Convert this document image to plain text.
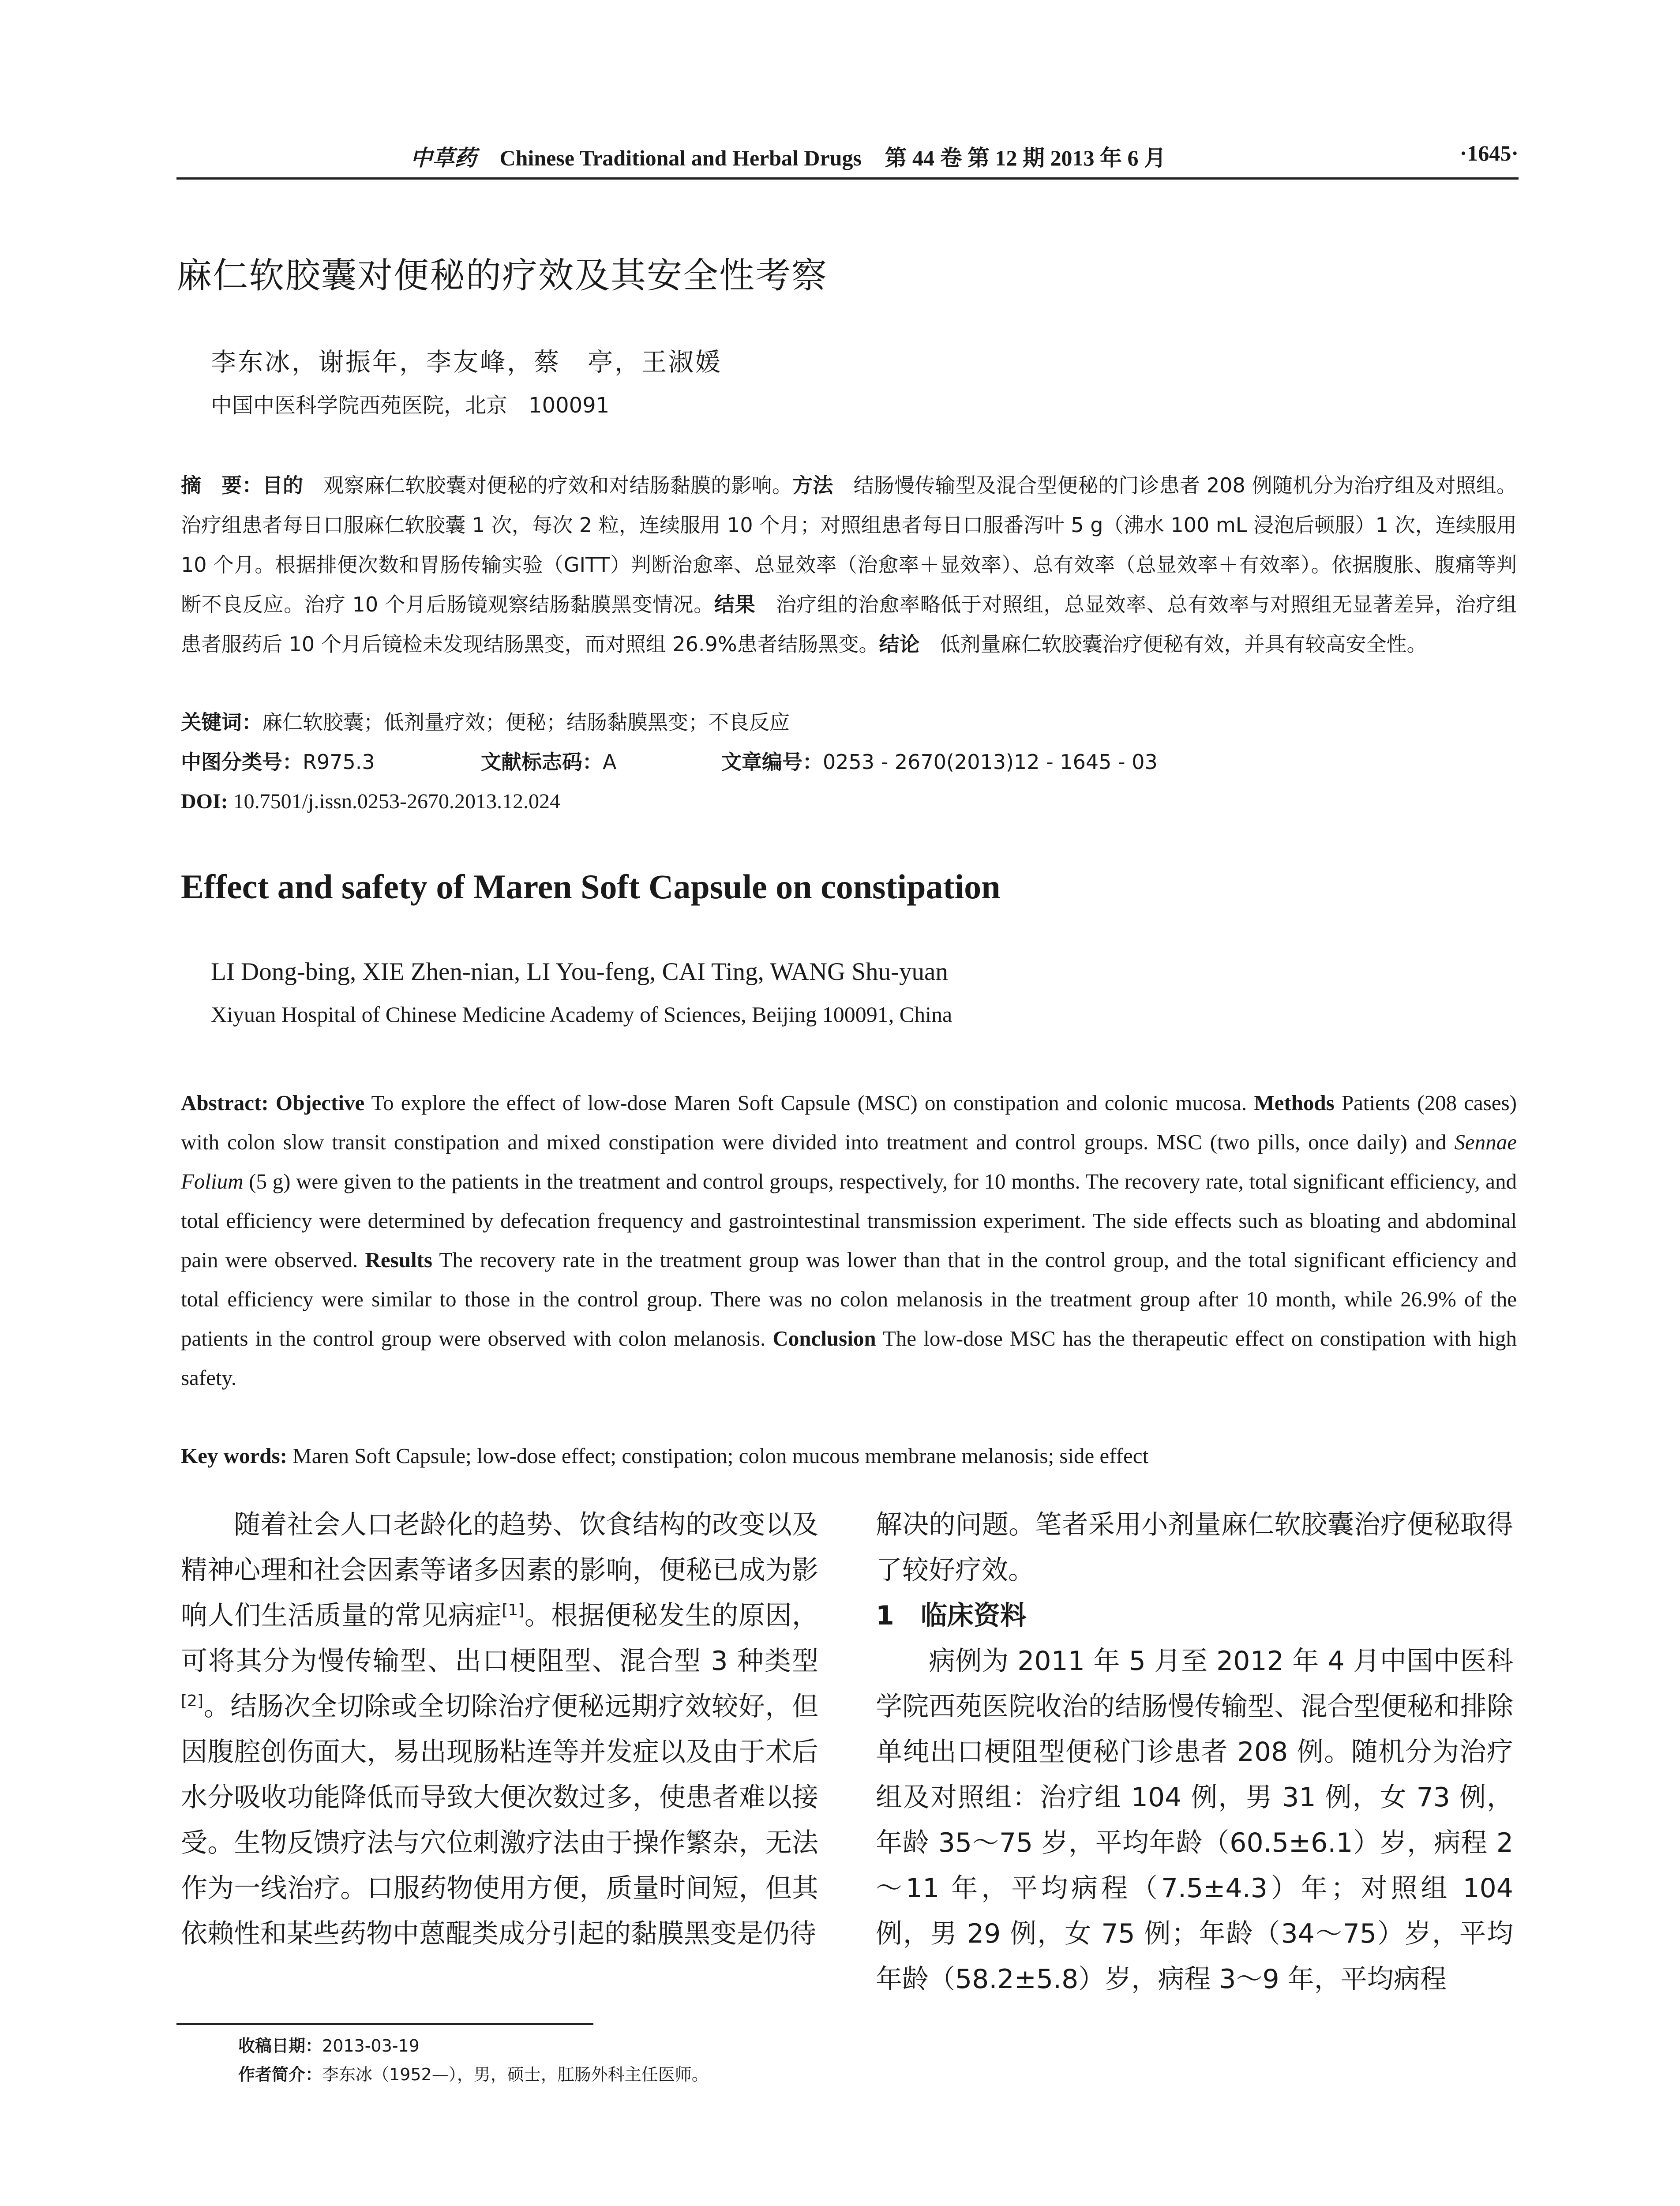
中草药 Chinese Traditional and Herbal Drugs 第 44 卷 第 12 期 2013 年 6 月	·1645·
麻仁软胶囊对便秘的疗效及其安全性考察
李东冰，谢振年，李友峰，蔡　亭，王淑媛
中国中医科学院西苑医院，北京　100091
摘　要：目的　观察麻仁软胶囊对便秘的疗效和对结肠黏膜的影响。方法　结肠慢传输型及混合型便秘的门诊患者 208 例随机分为治疗组及对照组。治疗组患者每日口服麻仁软胶囊 1 次，每次 2 粒，连续服用 10 个月；对照组患者每日口服番泻叶 5 g（沸水 100 mL 浸泡后顿服）1 次，连续服用 10 个月。根据排便次数和胃肠传输实验（GITT）判断治愈率、总显效率（治愈率＋显效率）、总有效率（总显效率＋有效率）。依据腹胀、腹痛等判断不良反应。治疗 10 个月后肠镜观察结肠黏膜黑变情况。结果　治疗组的治愈率略低于对照组，总显效率、总有效率与对照组无显著差异，治疗组患者服药后 10 个月后镜检未发现结肠黑变，而对照组 26.9%患者结肠黑变。结论　低剂量麻仁软胶囊治疗便秘有效，并具有较高安全性。
关键词：麻仁软胶囊；低剂量疗效；便秘；结肠黏膜黑变；不良反应
中图分类号：R975.3	文献标志码：A	文章编号：0253 - 2670(2013)12 - 1645 - 03
DOI: 10.7501/j.issn.0253-2670.2013.12.024
Effect and safety of Maren Soft Capsule on constipation
LI Dong-bing, XIE Zhen-nian, LI You-feng, CAI Ting, WANG Shu-yuan
Xiyuan Hospital of Chinese Medicine Academy of Sciences, Beijing 100091, China
Abstract: Objective To explore the effect of low-dose Maren Soft Capsule (MSC) on constipation and colonic mucosa. Methods Patients (208 cases) with colon slow transit constipation and mixed constipation were divided into treatment and control groups. MSC (two pills, once daily) and Sennae Folium (5 g) were given to the patients in the treatment and control groups, respectively, for 10 months. The recovery rate, total significant efficiency, and total efficiency were determined by defecation frequency and gastrointestinal transmission experiment. The side effects such as bloating and abdominal pain were observed. Results The recovery rate in the treatment group was lower than that in the control group, and the total significant efficiency and total efficiency were similar to those in the control group. There was no colon melanosis in the treatment group after 10 month, while 26.9% of the patients in the control group were observed with colon melanosis. Conclusion The low-dose MSC has the therapeutic effect on constipation with high safety.
Key words: Maren Soft Capsule; low-dose effect; constipation; colon mucous membrane melanosis; side effect

随着社会人口老龄化的趋势、饮食结构的改变以及精神心理和社会因素等诸多因素的影响，便秘已成为影响人们生活质量的常见病症[1]。根据便秘发生的原因，可将其分为慢传输型、出口梗阻型、混合型 3 种类型[2]。结肠次全切除或全切除治疗便秘远期疗效较好，但因腹腔创伤面大，易出现肠粘连等并发症以及由于术后水分吸收功能降低而导致大便次数过多，使患者难以接受。生物反馈疗法与穴位刺激疗法由于操作繁杂，无法作为一线治疗。口服药物使用方便，质量时间短，但其依赖性和某些药物中蒽醌类成分引起的黏膜黑变是仍待

解决的问题。笔者采用小剂量麻仁软胶囊治疗便秘取得了较好疗效。

1　临床资料

病例为 2011 年 5 月至 2012 年 4 月中国中医科学院西苑医院收治的结肠慢传输型、混合型便秘和排除单纯出口梗阻型便秘门诊患者 208 例。随机分为治疗组及对照组：治疗组 104 例，男 31 例，女 73 例，年龄 35～75 岁，平均年龄（60.5±6.1）岁，病程 2～11 年，平均病程（7.5±4.3）年；对照组 104 例，男 29 例，女 75 例；年龄（34～75）岁，平均年龄（58.2±5.8）岁，病程 3～9 年，平均病程

收稿日期：2013-03-19
作者简介：李东冰（1952—），男，硕士，肛肠外科主任医师。
